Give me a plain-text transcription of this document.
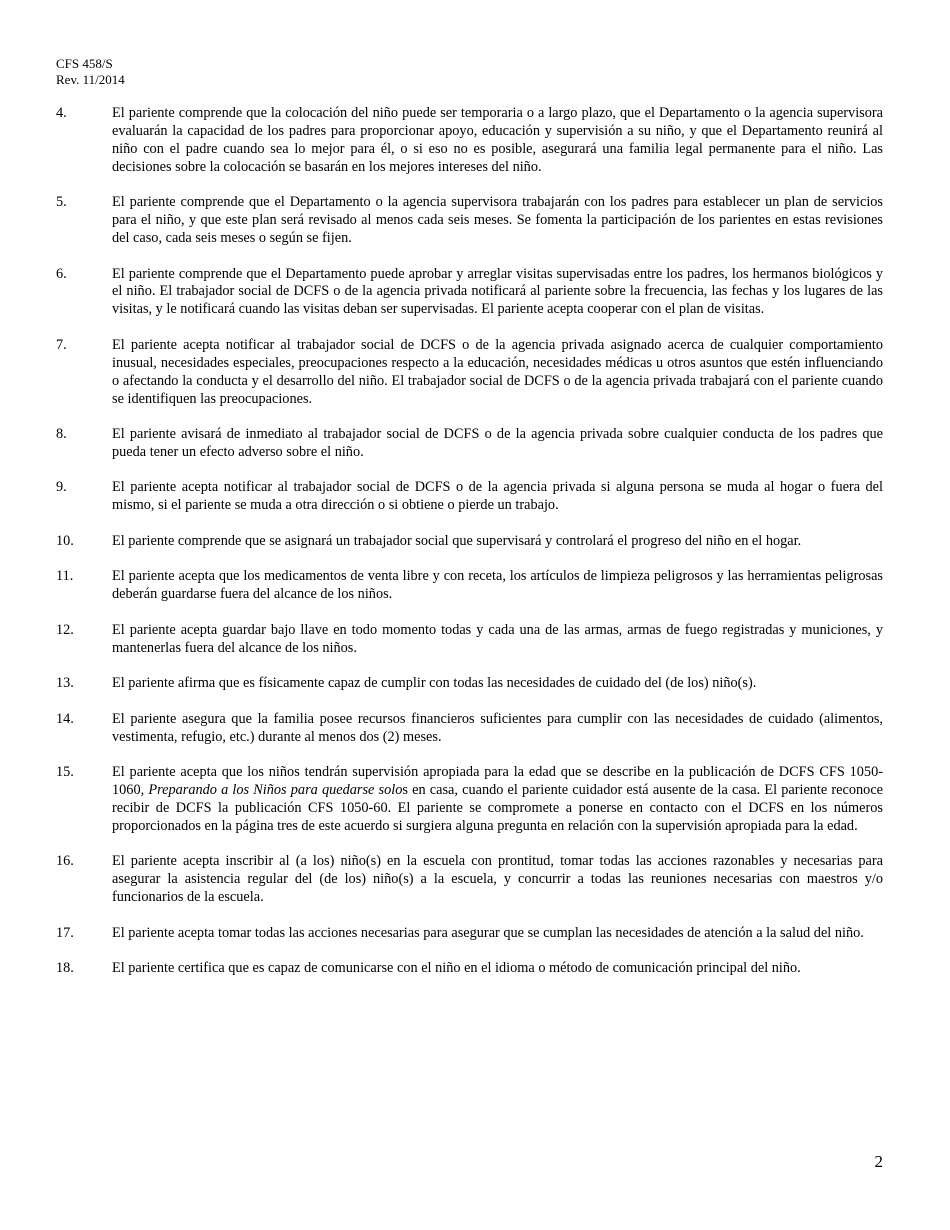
CFS 458/S
Rev. 11/2014
4.	El pariente comprende que la colocación del niño puede ser temporaria o a largo plazo, que el Departamento o la agencia supervisora evaluarán la capacidad de los padres para proporcionar apoyo, educación y supervisión a su niño, y que el Departamento reunirá al niño con el padre cuando sea lo mejor para él, o si eso no es posible, asegurará una familia legal permanente para el niño. Las decisiones sobre la colocación se basarán en los mejores intereses del niño.
5.	El pariente comprende que el Departamento o la agencia supervisora trabajarán con los padres para establecer un plan de servicios para el niño, y que este plan será revisado al menos cada seis meses. Se fomenta la participación de los parientes en estas revisiones del caso, cada seis meses o según se fijen.
6.	El pariente comprende que el Departamento puede aprobar y arreglar visitas supervisadas entre los padres, los hermanos biológicos y el niño. El trabajador social de DCFS o de la agencia privada notificará al pariente sobre la frecuencia, las fechas y los lugares de las visitas, y le notificará cuando las visitas deban ser supervisadas. El pariente acepta cooperar con el plan de visitas.
7.	El pariente acepta notificar al trabajador social de DCFS o de la agencia privada asignado acerca de cualquier comportamiento inusual, necesidades especiales, preocupaciones respecto a la educación, necesidades médicas u otros asuntos que estén influenciando o afectando la conducta y el desarrollo del niño. El trabajador social de DCFS o de la agencia privada trabajará con el pariente cuando se identifiquen las preocupaciones.
8.	El pariente avisará de inmediato al trabajador social de DCFS o de la agencia privada sobre cualquier conducta de los padres que pueda tener un efecto adverso sobre el niño.
9.	El pariente acepta notificar al trabajador social de DCFS o de la agencia privada si alguna persona se muda al hogar o fuera del mismo, si el pariente se muda a otra dirección o si obtiene o pierde un trabajo.
10.	El pariente comprende que se asignará un trabajador social que supervisará y controlará el progreso del niño en el hogar.
11.	El pariente acepta que los medicamentos de venta libre y con receta, los artículos de limpieza peligrosos y las herramientas peligrosas deberán guardarse fuera del alcance de los niños.
12.	El pariente acepta guardar bajo llave en todo momento todas y cada una de las armas, armas de fuego registradas y municiones, y mantenerlas fuera del alcance de los niños.
13.	El pariente afirma que es físicamente capaz de cumplir con todas las necesidades de cuidado del (de los) niño(s).
14.	El pariente asegura que la familia posee recursos financieros suficientes para cumplir con las necesidades de cuidado (alimentos, vestimenta, refugio, etc.) durante al menos dos (2) meses.
15.	El pariente acepta que los niños tendrán supervisión apropiada para la edad que se describe en la publicación de DCFS CFS 1050-1060, Preparando a los Niños para quedarse solos en casa, cuando el pariente cuidador está ausente de la casa. El pariente reconoce recibir de DCFS la publicación CFS 1050-60. El pariente se compromete a ponerse en contacto con el DCFS en los números proporcionados en la página tres de este acuerdo si surgiera alguna pregunta en relación con la supervisión apropiada para la edad.
16.	El pariente acepta inscribir al (a los) niño(s) en la escuela con prontitud, tomar todas las acciones razonables y necesarias para asegurar la asistencia regular del (de los) niño(s) a la escuela, y concurrir a todas las reuniones necesarias con maestros y/o funcionarios de la escuela.
17.	El pariente acepta tomar todas las acciones necesarias para asegurar que se cumplan las necesidades de atención a la salud del niño.
18.	El pariente certifica que es capaz de comunicarse con el niño en el idioma o método de comunicación principal del niño.
2
